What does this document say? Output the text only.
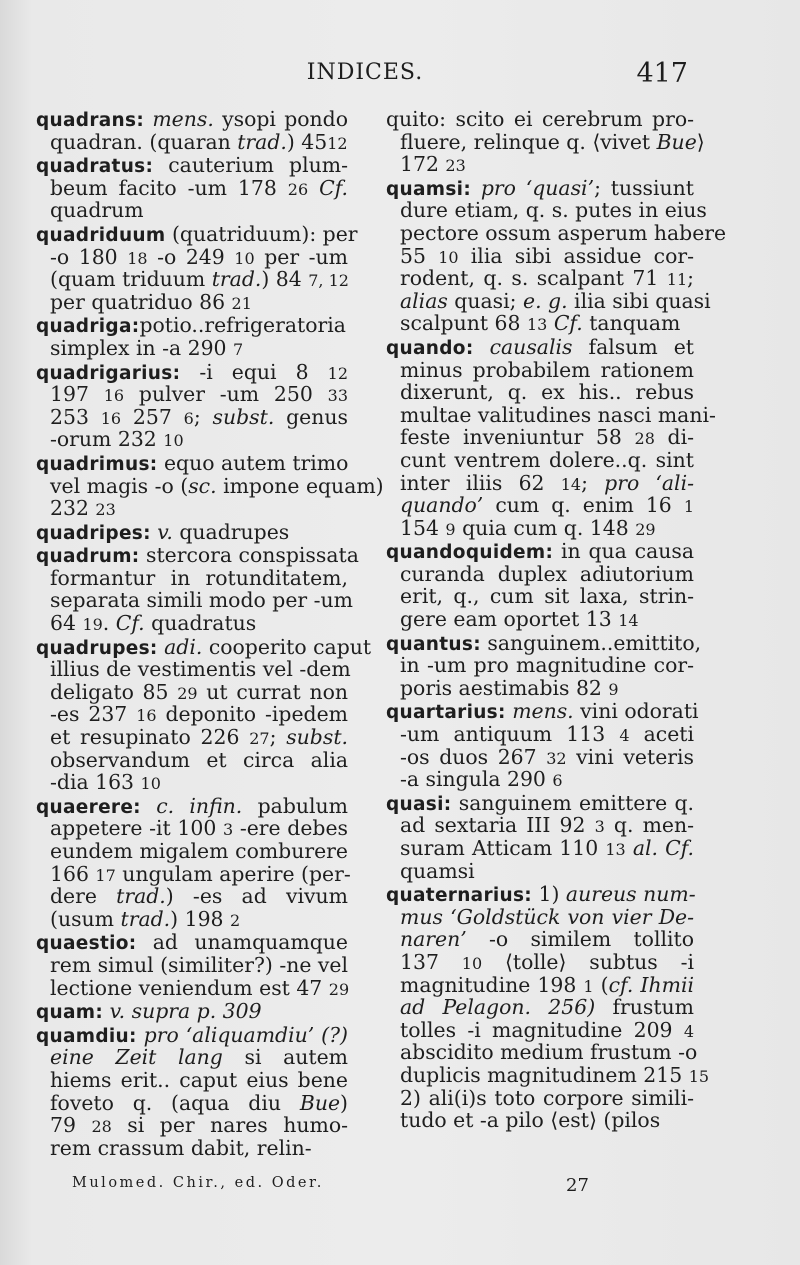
INDICES.	417
quadrans: mens. ysopi pondo
quadran. (quaran trad.) 4512
quadratus: cauterium plum-
beum facito -um 178 26 Cf.
quadrum
quadriduum (quatriduum): per
-o 180 18 -o 249 10 per -um
(quam triduum trad.) 84 7, 12
per quatriduo 86 21
quadriga:potio..refrigeratoria
simplex in -a 290 7
quadrigarius: -i equi 8 12
197 16 pulver -um 250 33
253 16 257 6; subst. genus
-orum 232 10
quadrimus: equo autem trimo
vel magis -o (sc. impone equam)
232 23
quadripes: v. quadrupes
quadrum: stercora conspissata
formantur in rotunditatem,
separata simili modo per -um
64 19. Cf. quadratus
quadrupes: adi. cooperito caput
illius de vestimentis vel -dem
deligato 85 29 ut currat non
-es 237 16 deponito -ipedem
et resupinato 226 27; subst.
observandum et circa alia
-dia 163 10
quaerere: c. infin. pabulum
appetere -it 100 3 -ere debes
eundem migalem comburere
166 17 ungulam aperire (per-
dere trad.) -es ad vivum
(usum trad.) 198 2
quaestio: ad unamquamque
rem simul (similiter?) -ne vel
lectione veniendum est 47 29
quam: v. supra p. 309
quamdiu: pro ‘aliquamdiu’ (?)
eine Zeit lang si autem
hiems erit.. caput eius bene
foveto q. (aqua diu Bue)
79 28 si per nares humo-
rem crassum dabit, relin-
quito: scito ei cerebrum pro-
fluere, relinque q. ⟨vivet Bue⟩
172 23
quamsi: pro ‘quasi’; tussiunt
dure etiam, q. s. putes in eius
pectore ossum asperum habere
55 10 ilia sibi assidue cor-
rodent, q. s. scalpant 71 11;
alias quasi; e. g. ilia sibi quasi
scalpunt 68 13 Cf. tanquam
quando: causalis falsum et
minus probabilem rationem
dixerunt, q. ex his.. rebus
multae valitudines nasci mani-
feste inveniuntur 58 28 di-
cunt ventrem dolere..q. sint
inter iliis 62 14; pro ‘ali-
quando’ cum q. enim 16 1
154 9 quia cum q. 148 29
quandoquidem: in qua causa
curanda duplex adiutorium
erit, q., cum sit laxa, strin-
gere eam oportet 13 14
quantus: sanguinem..emittito,
in -um pro magnitudine cor-
poris aestimabis 82 9
quartarius: mens. vini odorati
-um antiquum 113 4 aceti
-os duos 267 32 vini veteris
-a singula 290 6
quasi: sanguinem emittere q.
ad sextaria III 92 3 q. men-
suram Atticam 110 13 al. Cf.
quamsi
quaternarius: 1) aureus num-
mus ‘Goldstück von vier De-
naren’ -o similem tollito
137 10 ⟨tolle⟩ subtus -i
magnitudine 198 1 (cf. Ihmii
ad Pelagon. 256) frustum
tolles -i magnitudine 209 4
abscidito medium frustum -o
duplicis magnitudinem 215 15
2) ali(i)s toto corpore simili-
tudo et -a pilo ⟨est⟩ (pilos
Mulomed. Chir., ed. Oder.	27
